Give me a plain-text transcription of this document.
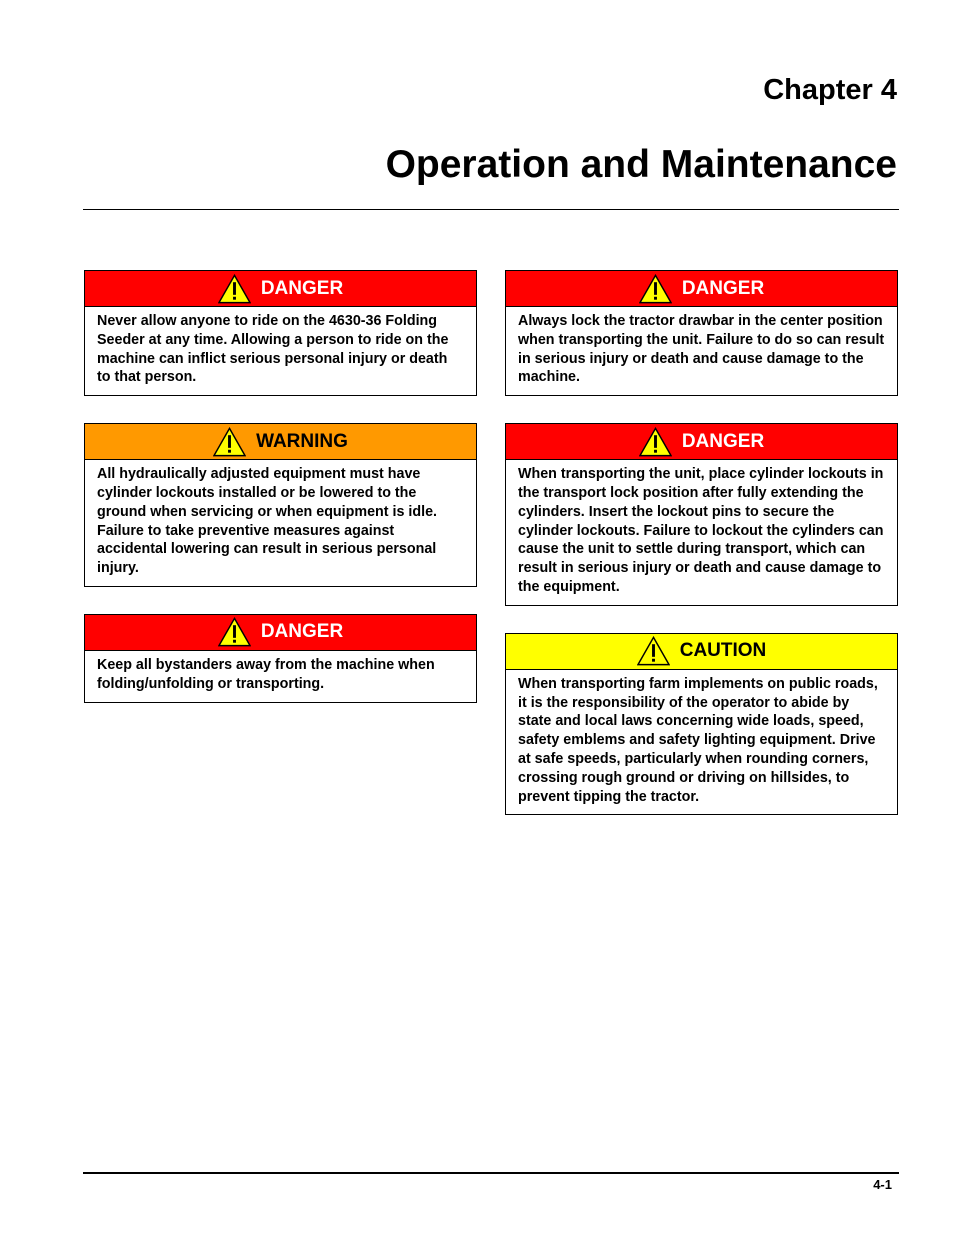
Chapter 4
Operation and Maintenance
DANGER
Never allow anyone to ride on the 4630-36 Folding Seeder at any time. Allowing a person to ride on the machine can inflict serious personal injury or death to that person.
WARNING
All hydraulically adjusted equipment must have cylinder lockouts installed or be lowered to the ground when servicing or when equipment is idle. Failure to take preventive measures against accidental lowering can result in serious personal injury.
DANGER
Keep all bystanders away from the machine when folding/unfolding or transporting.
DANGER
Always lock the tractor drawbar in the center position when transporting the unit. Failure to do so can result in serious injury or death and cause damage to the machine.
DANGER
When transporting the unit, place cylinder lockouts in the transport lock position after fully extending the cylinders. Insert the lockout pins to secure the cylinder lockouts. Failure to lockout the cylinders can cause the unit to settle during transport, which can result in serious injury or death and cause damage to the equipment.
CAUTION
When transporting farm implements on public roads, it is the responsibility of the operator to abide by state and local laws concerning wide loads, speed, safety emblems and safety lighting equipment. Drive at safe speeds, particularly when rounding corners, crossing rough ground or driving on hillsides, to prevent tipping the tractor.
4-1
